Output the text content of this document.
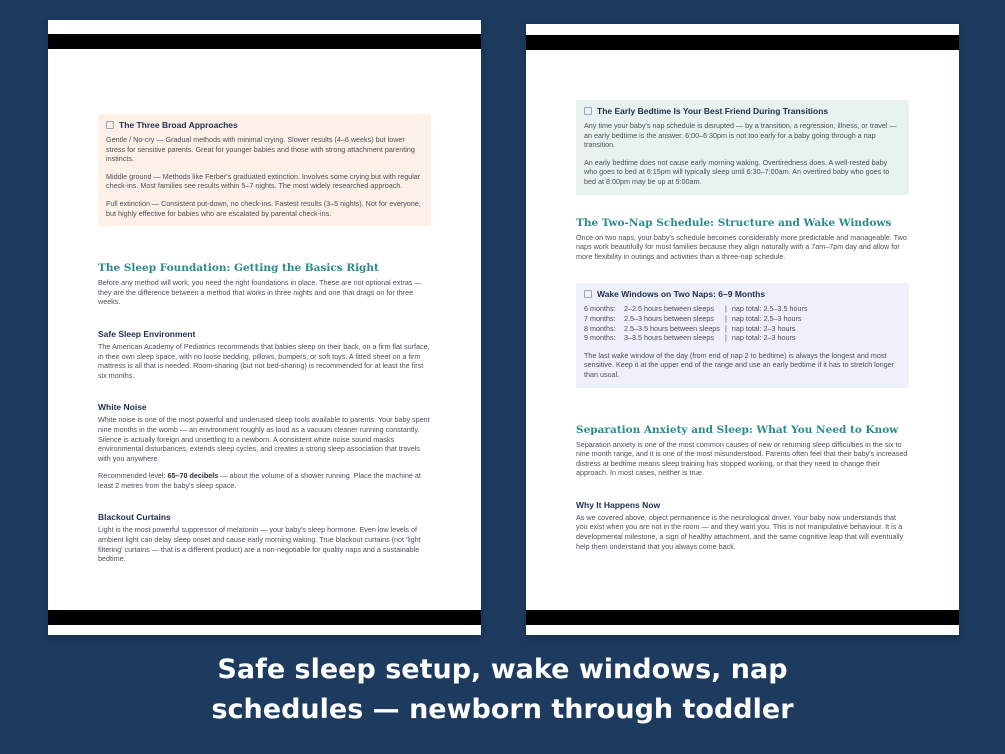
The Three Broad Approaches

Gentle / No-cry — Gradual methods with minimal crying. Slower results (4–6 weeks) but lower stress for sensitive parents. Great for younger babies and those with strong attachment parenting instincts.

Middle ground — Methods like Ferber's graduated extinction. Involves some crying but with regular check-ins. Most families see results within 5–7 nights. The most widely researched approach.

Full extinction — Consistent put-down, no check-ins. Fastest results (3–5 nights). Not for everyone, but highly effective for babies who are escalated by parental check-ins.

The Sleep Foundation: Getting the Basics Right

Before any method will work, you need the right foundations in place. These are not optional extras — they are the difference between a method that works in three nights and one that drags on for three weeks.

Safe Sleep Environment

The American Academy of Pediatrics recommends that babies sleep on their back, on a firm flat surface, in their own sleep space, with no loose bedding, pillows, bumpers, or soft toys. A fitted sheet on a firm mattress is all that is needed. Room-sharing (but not bed-sharing) is recommended for at least the first six months.

White Noise

White noise is one of the most powerful and underused sleep tools available to parents. Your baby spent nine months in the womb — an environment roughly as loud as a vacuum cleaner running constantly. Silence is actually foreign and unsettling to a newborn. A consistent white noise sound masks environmental disturbances, extends sleep cycles, and creates a strong sleep association that travels with you anywhere.

Recommended level: 65–70 decibels — about the volume of a shower running. Place the machine at least 2 metres from the baby's sleep space.

Blackout Curtains

Light is the most powerful suppressor of melatonin — your baby's sleep hormone. Even low levels of ambient light can delay sleep onset and cause early morning waking. True blackout curtains (not 'light filtering' curtains — that is a different product) are a non-negotiable for quality naps and a sustainable bedtime.

The Early Bedtime Is Your Best Friend During Transitions

Any time your baby's nap schedule is disrupted — by a transition, a regression, illness, or travel — an early bedtime is the answer. 6:00–6:30pm is not too early for a baby going through a nap transition.

An early bedtime does not cause early morning waking. Overtiredness does. A well-rested baby who goes to bed at 6:15pm will typically sleep until 6:30–7:00am. An overtired baby who goes to bed at 8:00pm may be up at 5:00am.

The Two-Nap Schedule: Structure and Wake Windows

Once on two naps, your baby's schedule becomes considerably more predictable and manageable. Two naps work beautifully for most families because they align naturally with a 7am–7pm day and allow for more flexibility in outings and activities than a three-nap schedule.

Wake Windows on Two Naps: 6–9 Months
6 months:	2–2.5 hours between sleeps	|	nap total: 2.5–3.5 hours
7 months:	2.5–3 hours between sleeps	|	nap total: 2.5–3 hours
8 months:	2.5–3.5 hours between sleeps	|	nap total: 2–3 hours
9 months:	3–3.5 hours between sleeps	|	nap total: 2–3 hours

The last wake window of the day (from end of nap 2 to bedtime) is always the longest and most sensitive. Keep it at the upper end of the range and use an early bedtime if it has to stretch longer than usual.

Separation Anxiety and Sleep: What You Need to Know

Separation anxiety is one of the most common causes of new or returning sleep difficulties in the six to nine month range, and it is one of the most misunderstood. Parents often feel that their baby's increased distress at bedtime means sleep training has stopped working, or that they need to change their approach. In most cases, neither is true.

Why It Happens Now

As we covered above, object permanence is the neurological driver. Your baby now understands that you exist when you are not in the room — and they want you. This is not manipulative behaviour. It is a developmental milestone, a sign of healthy attachment, and the same cognitive leap that will eventually help them understand that you always come back.

Safe sleep setup, wake windows, nap
schedules — newborn through toddler
